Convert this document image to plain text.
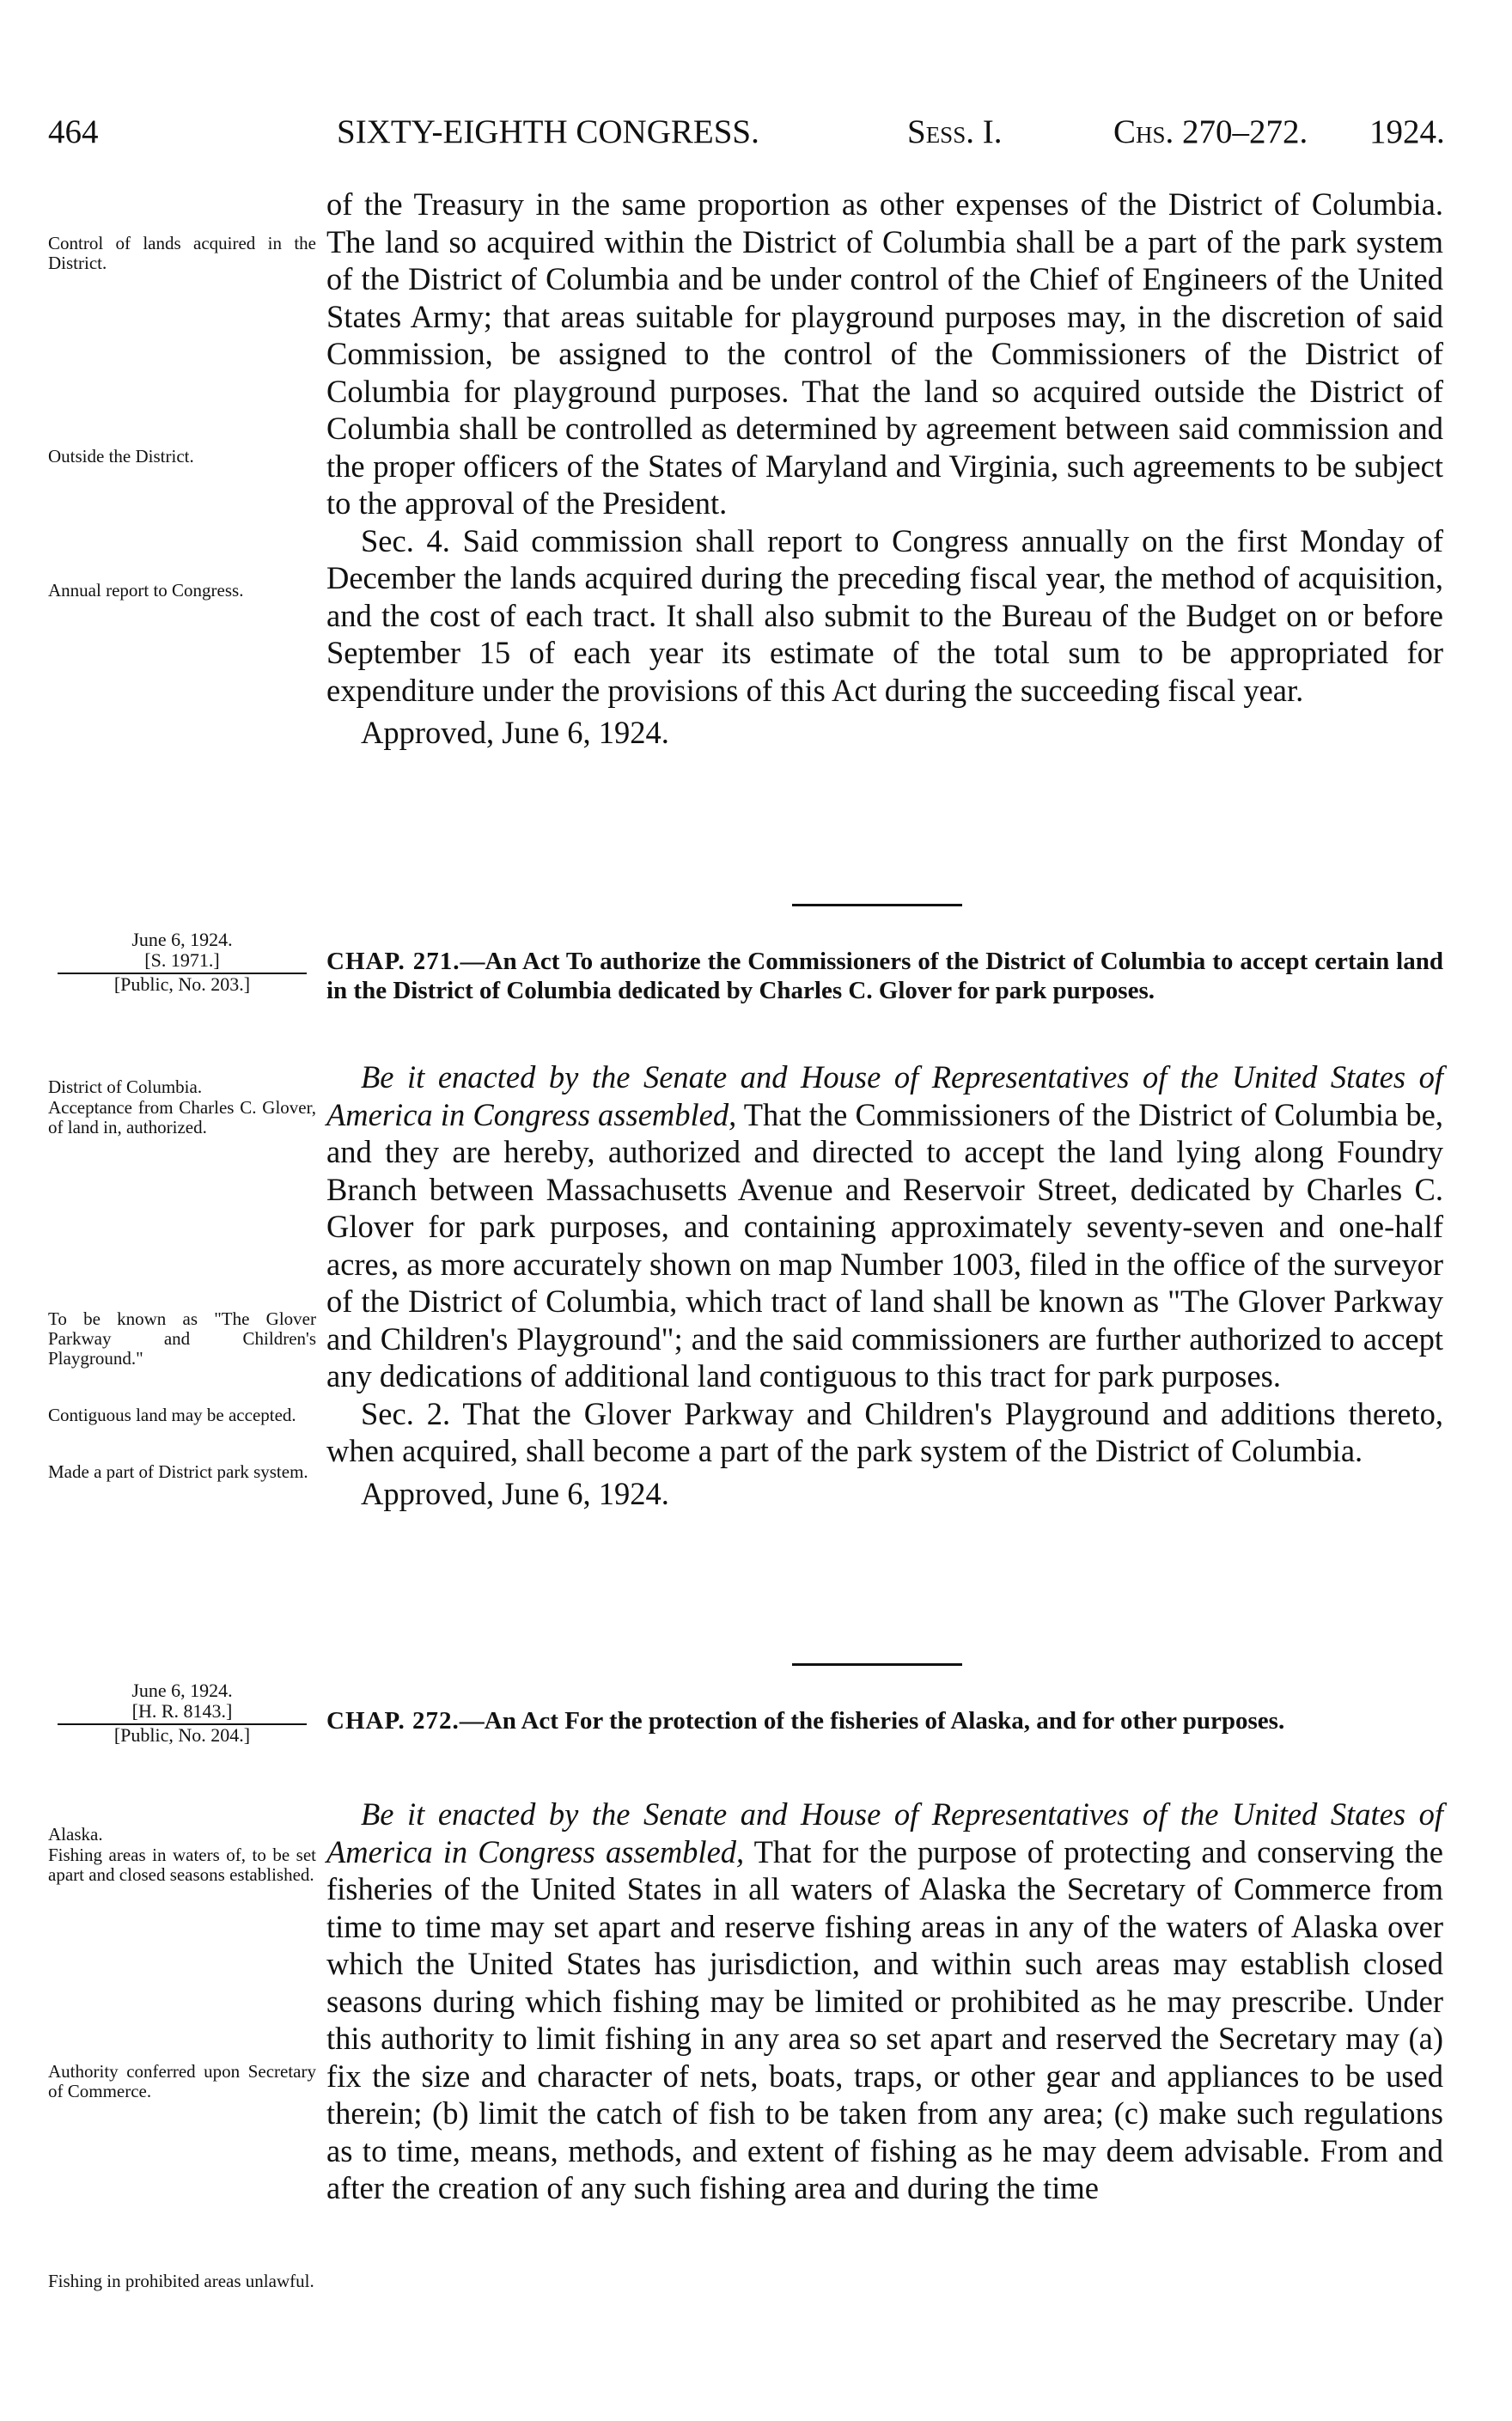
464	SIXTY-EIGHTH CONGRESS.	Sess. I.	Chs. 270–272. 1924.
Control of lands acquired in the District.
Outside the District.
Annual report to Congress.

of the Treasury in the same proportion as other expenses of the District of Columbia. The land so acquired within the District of Columbia shall be a part of the park system of the District of Columbia and be under control of the Chief of Engineers of the United States Army; that areas suitable for playground purposes may, in the discretion of said Commission, be assigned to the control of the Commissioners of the District of Columbia for playground purposes. That the land so acquired outside the District of Columbia shall be controlled as determined by agreement between said commission and the proper officers of the States of Maryland and Virginia, such agreements to be subject to the approval of the President.

Sec. 4. Said commission shall report to Congress annually on the first Monday of December the lands acquired during the preceding fiscal year, the method of acquisition, and the cost of each tract. It shall also submit to the Bureau of the Budget on or before September 15 of each year its estimate of the total sum to be appropriated for expenditure under the provisions of this Act during the succeeding fiscal year.

Approved, June 6, 1924.

June 6, 1924.
[S. 1971.]
[Public, No. 203.]
CHAP. 271.—An Act To authorize the Commissioners of the District of Columbia to accept certain land in the District of Columbia dedicated by Charles C. Glover for park purposes.
District of Columbia.
Acceptance from Charles C. Glover, of land in, authorized.
To be known as "The Glover Parkway and Children's Playground."
Contiguous land may be accepted.
Made a part of District park system.

Be it enacted by the Senate and House of Representatives of the United States of America in Congress assembled, That the Commissioners of the District of Columbia be, and they are hereby, authorized and directed to accept the land lying along Foundry Branch between Massachusetts Avenue and Reservoir Street, dedicated by Charles C. Glover for park purposes, and containing approximately seventy-seven and one-half acres, as more accurately shown on map Number 1003, filed in the office of the surveyor of the District of Columbia, which tract of land shall be known as "The Glover Parkway and Children's Playground"; and the said commissioners are further authorized to accept any dedications of additional land contiguous to this tract for park purposes.

Sec. 2. That the Glover Parkway and Children's Playground and additions thereto, when acquired, shall become a part of the park system of the District of Columbia.

Approved, June 6, 1924.

June 6, 1924.
[H. R. 8143.]
[Public, No. 204.]
CHAP. 272.—An Act For the protection of the fisheries of Alaska, and for other purposes.
Alaska.
Fishing areas in waters of, to be set apart and closed seasons established.
Authority conferred upon Secretary of Commerce.
Fishing in prohibited areas unlawful.

Be it enacted by the Senate and House of Representatives of the United States of America in Congress assembled, That for the purpose of protecting and conserving the fisheries of the United States in all waters of Alaska the Secretary of Commerce from time to time may set apart and reserve fishing areas in any of the waters of Alaska over which the United States has jurisdiction, and within such areas may establish closed seasons during which fishing may be limited or prohibited as he may prescribe. Under this authority to limit fishing in any area so set apart and reserved the Secretary may (a) fix the size and character of nets, boats, traps, or other gear and appliances to be used therein; (b) limit the catch of fish to be taken from any area; (c) make such regulations as to time, means, methods, and extent of fishing as he may deem advisable. From and after the creation of any such fishing area and during the time
